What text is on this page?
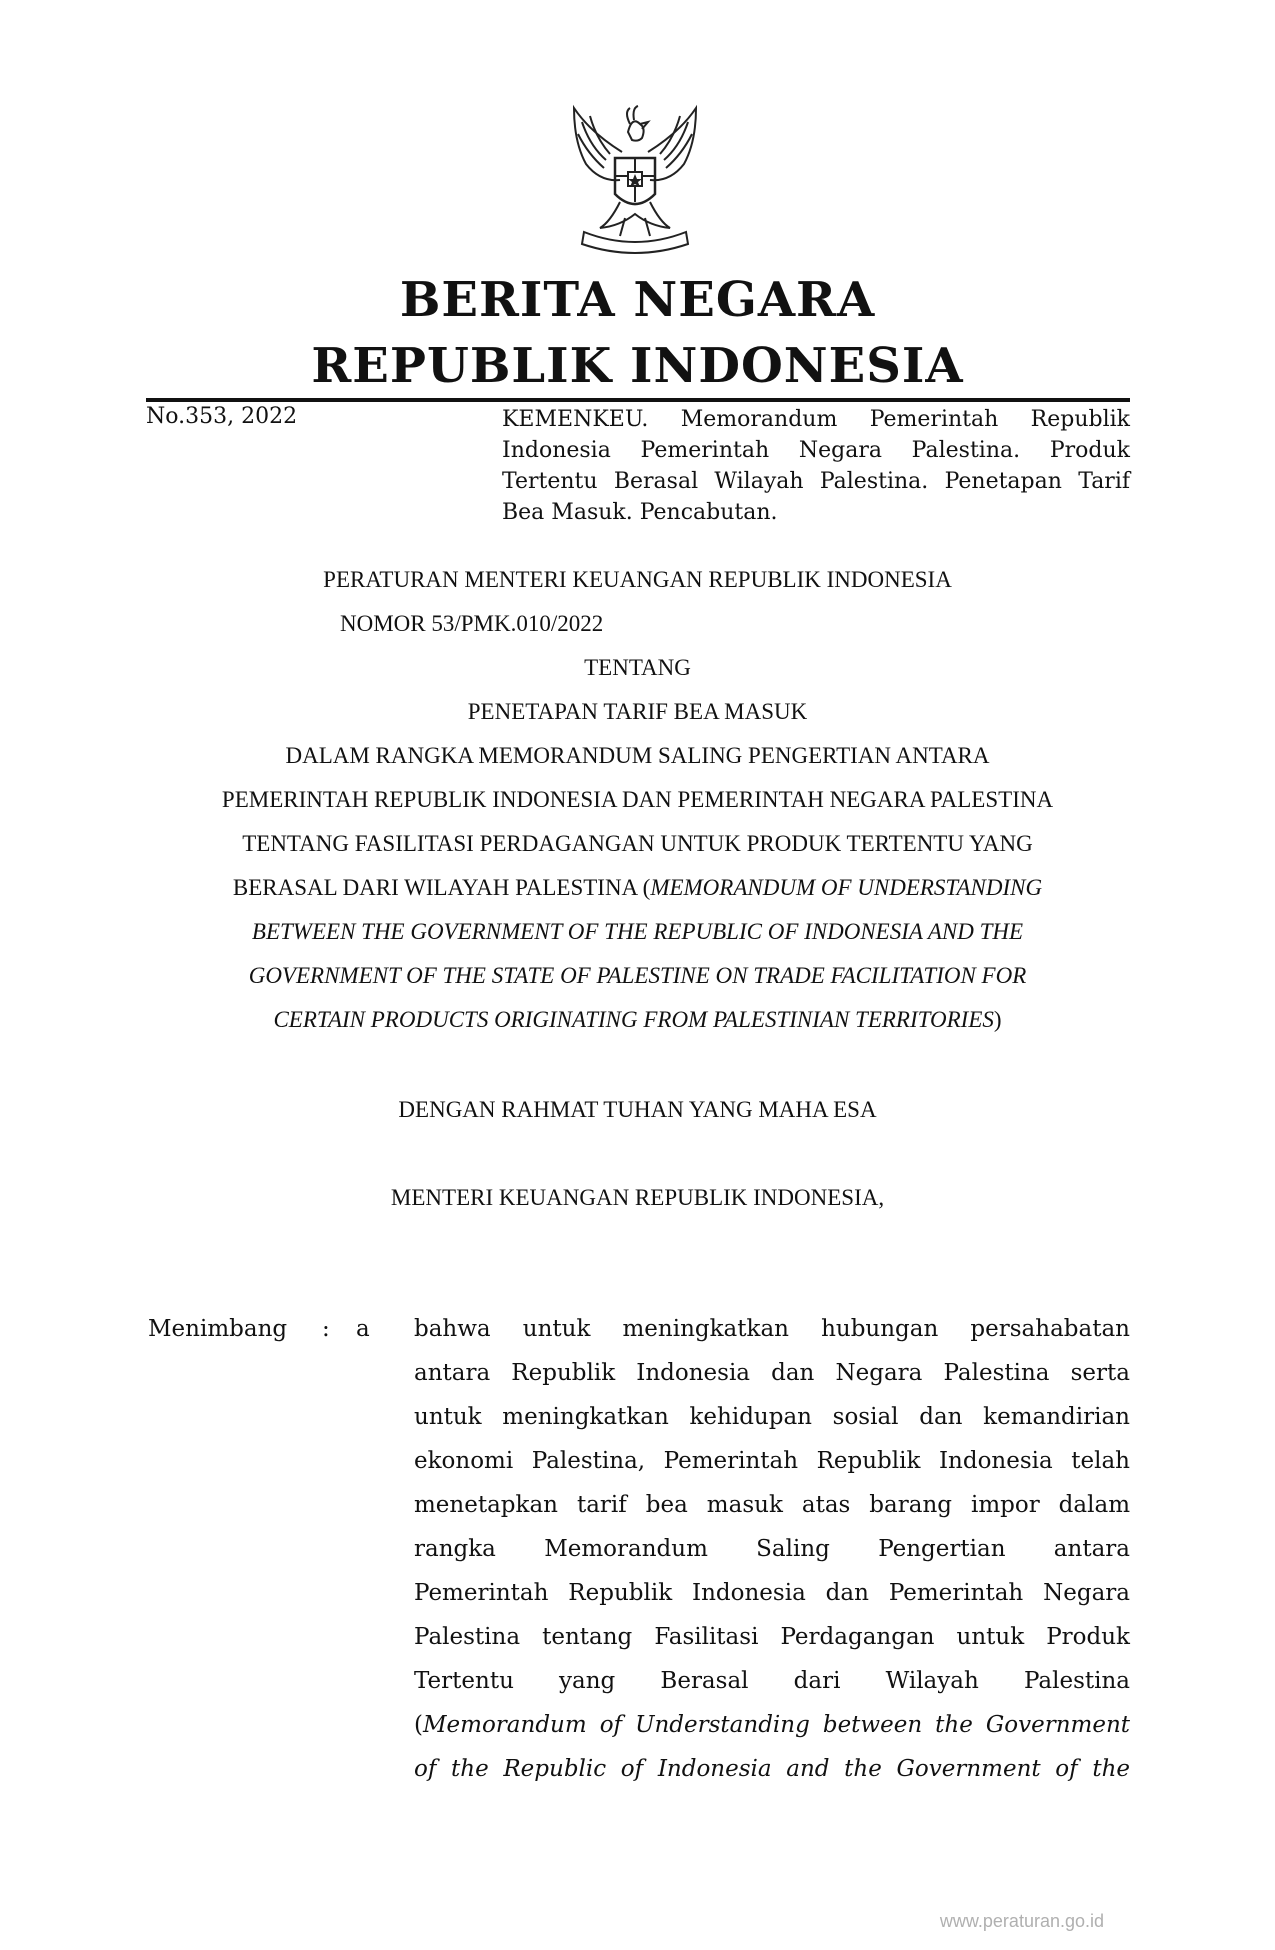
BERITA NEGARA
REPUBLIK INDONESIA
No.353, 2022	KEMENKEU. Memorandum Pemerintah Republik Indonesia Pemerintah Negara Palestina. Produk Tertentu Berasal Wilayah Palestina. Penetapan Tarif Bea Masuk. Pencabutan.
PERATURAN MENTERI KEUANGAN REPUBLIK INDONESIA
NOMOR 53/PMK.010/2022
TENTANG
PENETAPAN TARIF BEA MASUK
DALAM RANGKA MEMORANDUM SALING PENGERTIAN ANTARA
PEMERINTAH REPUBLIK INDONESIA DAN PEMERINTAH NEGARA PALESTINA
TENTANG FASILITASI PERDAGANGAN UNTUK PRODUK TERTENTU YANG
BERASAL DARI WILAYAH PALESTINA (MEMORANDUM OF UNDERSTANDING
BETWEEN THE GOVERNMENT OF THE REPUBLIC OF INDONESIA AND THE
GOVERNMENT OF THE STATE OF PALESTINE ON TRADE FACILITATION FOR
CERTAIN PRODUCTS ORIGINATING FROM PALESTINIAN TERRITORIES)
DENGAN RAHMAT TUHAN YANG MAHA ESA
MENTERI KEUANGAN REPUBLIK INDONESIA,
Menimbang : a bahwa untuk meningkatkan hubungan persahabatan
antara Republik Indonesia dan Negara Palestina serta
untuk meningkatkan kehidupan sosial dan kemandirian
ekonomi Palestina, Pemerintah Republik Indonesia telah
menetapkan tarif bea masuk atas barang impor dalam
rangka Memorandum Saling Pengertian antara
Pemerintah Republik Indonesia dan Pemerintah Negara
Palestina tentang Fasilitasi Perdagangan untuk Produk
Tertentu yang Berasal dari Wilayah Palestina
(Memorandum of Understanding between the Government
of the Republic of Indonesia and the Government of the
www.peraturan.go.id
